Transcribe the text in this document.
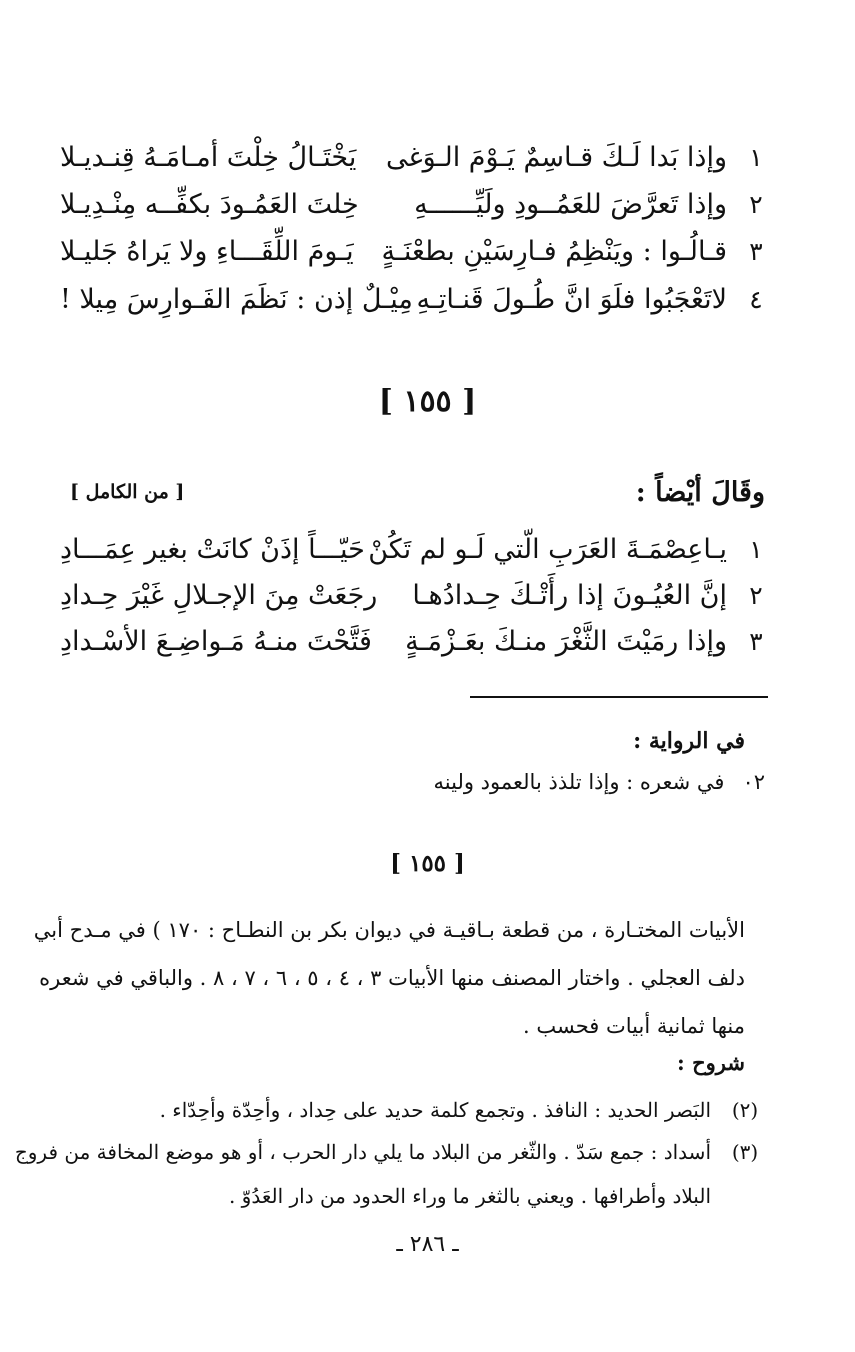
١
وإذا بَدا لَـكَ قـاسِمٌ يَـوْمَ الـوَغى
يَخْتَـالُ خِلْتَ أمـامَـهُ قِنـديـلا
٢
وإذا تَعرَّضَ للعَمُــودِ ولَيِّــــــهِ
خِلتَ العَمُـودَ بكفِّــه مِنْـدِيـلا
٣
قـالُـوا : ويَنْظِمُ فـارِسَيْنِ بطعْنَـةٍ
يَـومَ اللِّقَـــاءِ ولا يَراهُ جَليـلا
٤
لاتَعْجَبُوا فلَوَ انَّ طُـولَ قَنـاتِـهِ
مِيْـلٌ إذن : نَظَمَ الفَـوارِسَ مِيلا !
[ ١٥٥ ]
وقَالَ أيْضاً :
[ من الكامل ]
١
يـاعِصْمَـةَ العَرَبِ الّتي لَـو لم تَكُنْ
حَيّـــاً إذَنْ كانَتْ بغير عِمَـــادِ
٢
إنَّ العُيُـونَ إذا رأَتْـكَ حِـدادُهـا
رجَعَتْ مِنَ الإجـلالِ غَيْرَ حِـدادِ
٣
وإذا رمَيْتَ الثَّغْرَ منـكَ بعَـزْمَـةٍ
فَتَّحْتَ منـهُ مَـواضِـعَ الأسْـدادِ
في الرواية :
٠٢
في شعره : وإذا تلذذ بالعمود ولينه
[ ١٥٥ ]
الأبيات المختـارة ، من قطعة بـاقيـة في ديوان بكر بن النطـاح : ١٧٠ ) في مـدح أبي
دلف العجلي . واختار المصنف منها الأبيات ٣ ، ٤ ، ٥ ، ٦ ، ٧ ، ٨ . والباقي في شعره
منها ثمانية أبيات فحسب .
شروح :
(٢)
البَصر الحديد : النافذ . وتجمع كلمة حديد على حِداد ، وأحِدّة وأحِدّاء .
(٣)
أسداد : جمع سَدّ . والثّغر من البلاد ما يلي دار الحرب ، أو هو موضع المخافة من فروج
البلاد وأطرافها . ويعني بالثغر ما وراء الحدود من دار العَدُوّ .
ـ ٢٨٦ ـ
